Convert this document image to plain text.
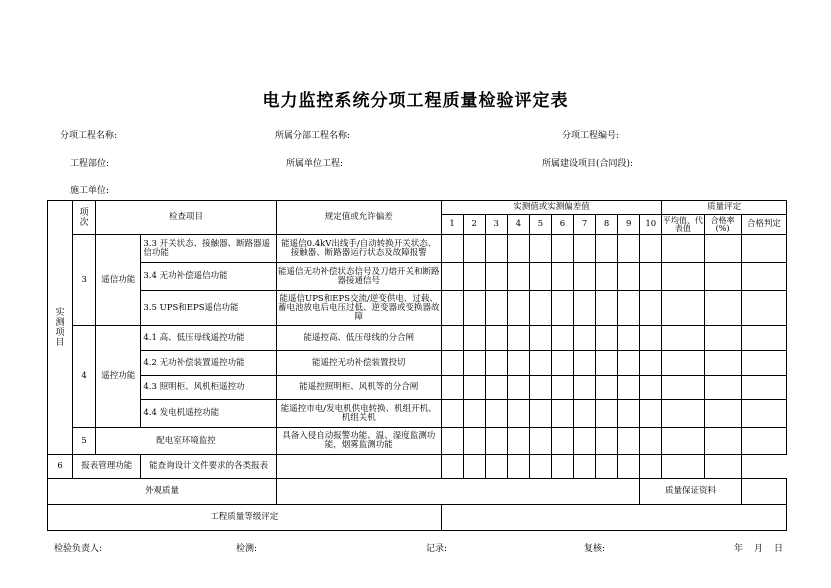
电力监控系统分项工程质量检验评定表
分项工程名称:	所属分部工程名称:	分项工程编号:
工程部位:	所属单位工程:	所属建设项目(合同段):
施工单位:
实测项目	项次	检查项目		规定值或允许偏差	实测值或实测偏差值										质量评定		
					1	2	3	4	5	6	7	8	9	10	平均值、代表值	合格率(%)	合格判定
	3	遥信功能	3.3 开关状态、接触器、断路器遥信功能	能遥信0.4kV出线手/自动转换开关状态、接触器、断路器运行状态及故障报警													
			3.4 无功补偿遥信功能	能遥信无功补偿状态信号及刀熔开关和断路器接通信号													
			3.5 UPS和EPS遥信功能	能遥信UPS和EPS交流/逆变供电、过载、蓄电池放电后电压过低、逆变器或变换器故障													
	4	遥控功能	4.1 高、低压母线遥控功能	能遥控高、低压母线的分合闸													
			4.2 无功补偿装置遥控功能	能遥控无功补偿装置投切													
			4.3 照明柜、风机柜遥控功	能遥控照明柜、风机等的分合闸													
			4.4 发电机遥控功能	能遥控市电/发电机供电转换、机组开机、机组关机													
	5	配电室环境监控		具备入侵自动报警功能、温、湿度监测功能，烟雾监测功能													
6	报表管理功能		能查询设计文件要求的各类报表														
外观质量														质量保证资料			
工程质量等级评定																	
检验负责人:	检测:	记录:	复核:	年 月 日
